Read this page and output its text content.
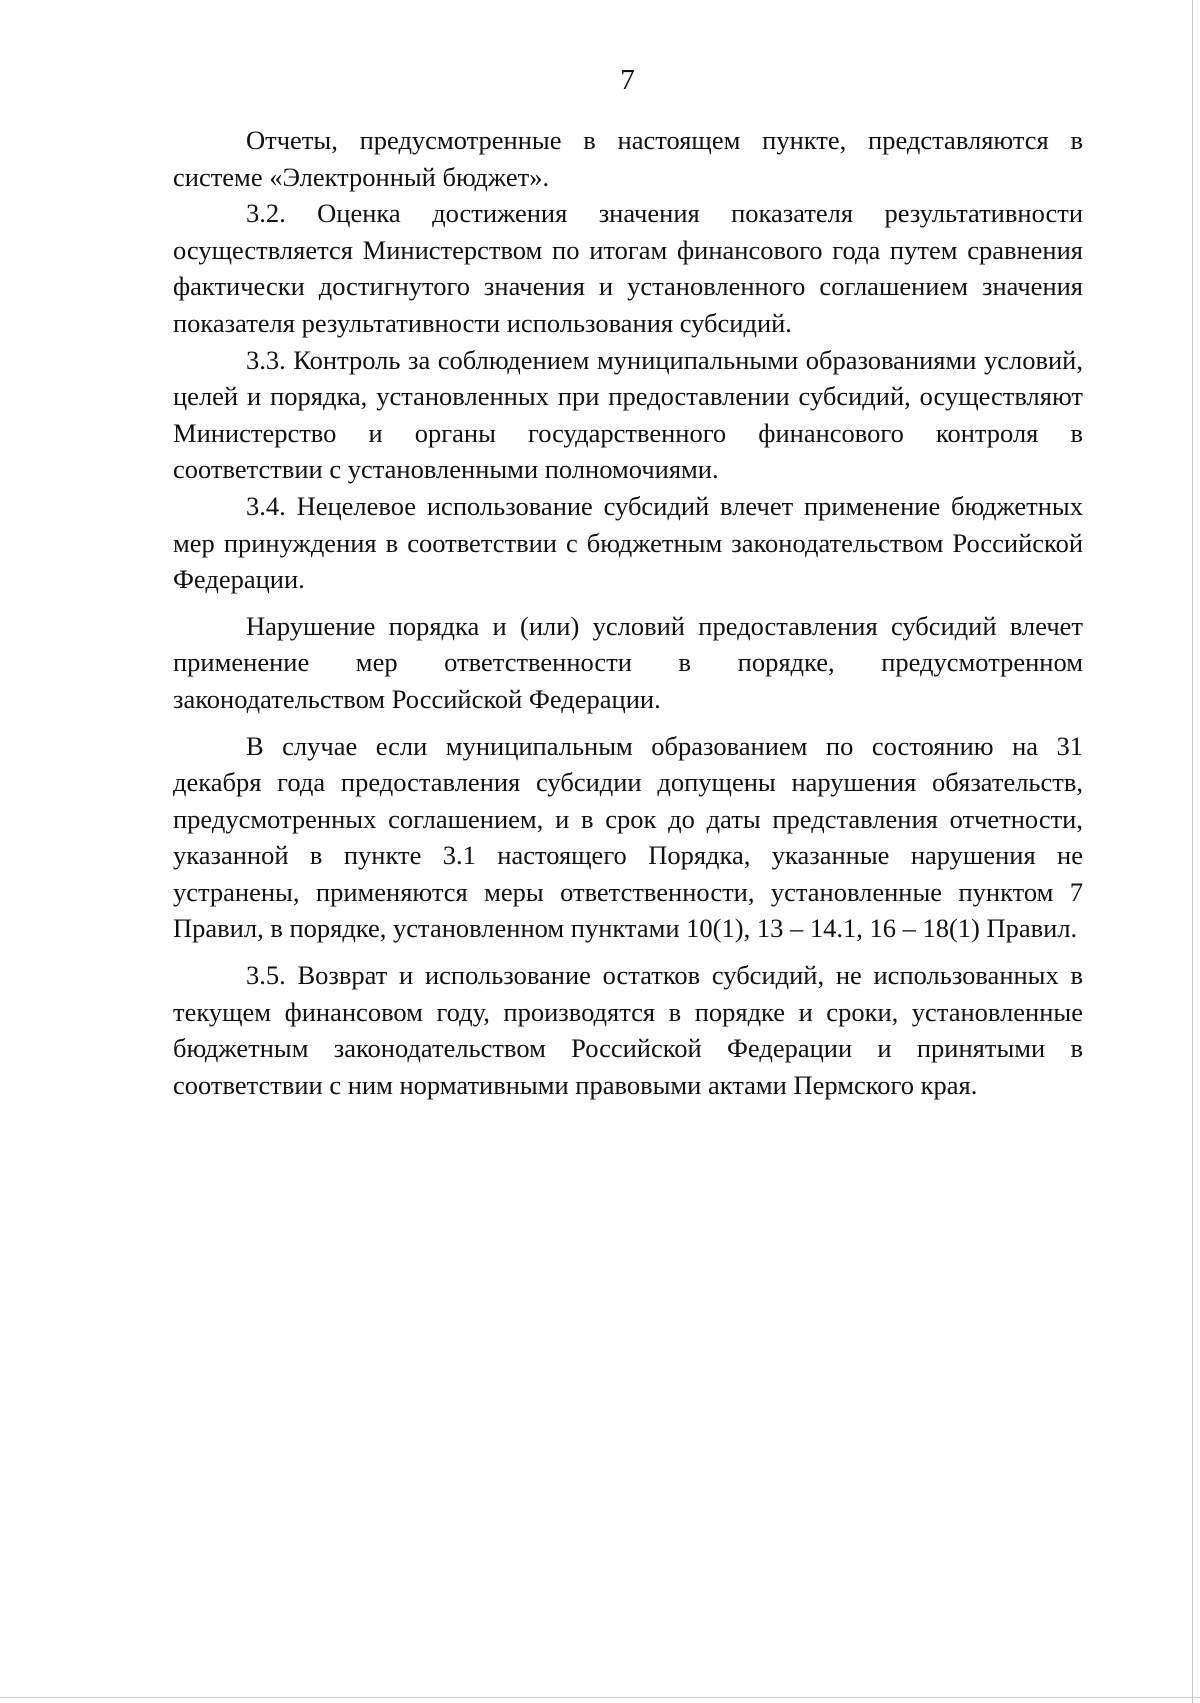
7

Отчеты, предусмотренные в настоящем пункте, представляются в системе «Электронный бюджет».

3.2. Оценка достижения значения показателя результативности осуществляется Министерством по итогам финансового года путем сравнения фактически достигнутого значения и установленного соглашением значения показателя результативности использования субсидий.

3.3. Контроль за соблюдением муниципальными образованиями условий, целей и порядка, установленных при предоставлении субсидий, осуществляют Министерство и органы государственного финансового контроля в соответствии с установленными полномочиями.

3.4. Нецелевое использование субсидий влечет применение бюджетных мер принуждения в соответствии с бюджетным законодательством Российской Федерации.

Нарушение порядка и (или) условий предоставления субсидий влечет применение мер ответственности в порядке, предусмотренном законодательством Российской Федерации.

В случае если муниципальным образованием по состоянию на 31 декабря года предоставления субсидии допущены нарушения обязательств, предусмотренных соглашением, и в срок до даты представления отчетности, указанной в пункте 3.1 настоящего Порядка, указанные нарушения не устранены, применяются меры ответственности, установленные пунктом 7 Правил, в порядке, установленном пунктами 10(1), 13 – 14.1, 16 – 18(1) Правил.

3.5. Возврат и использование остатков субсидий, не использованных в текущем финансовом году, производятся в порядке и сроки, установленные бюджетным законодательством Российской Федерации и принятыми в соответствии с ним нормативными правовыми актами Пермского края.
